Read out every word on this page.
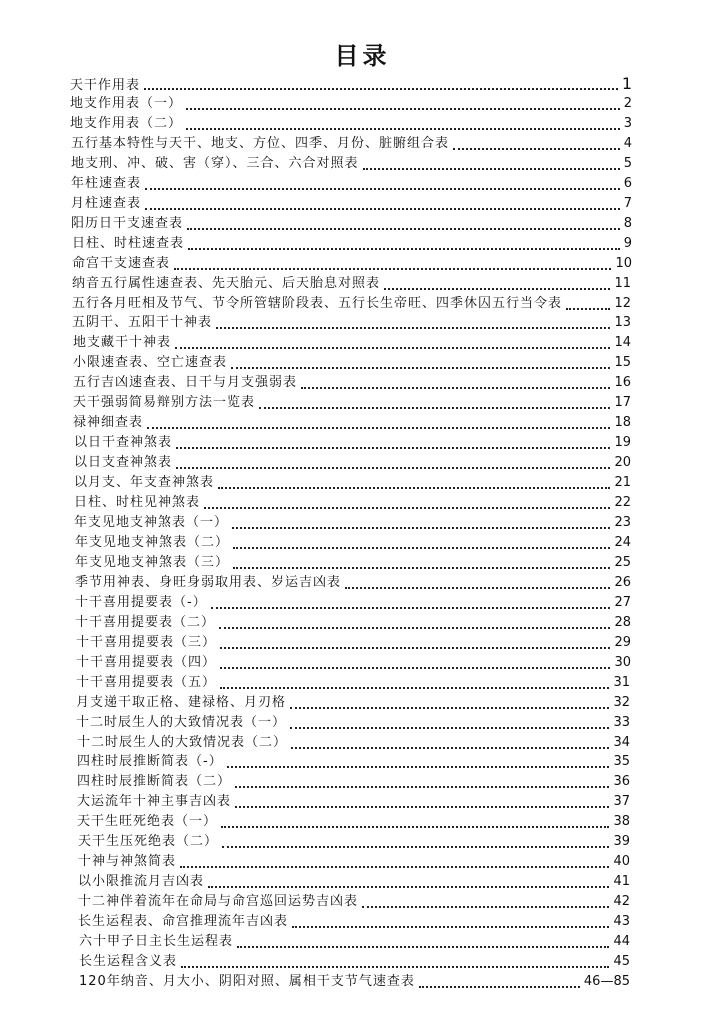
目录
天干作用表	1
地支作用表（一）	2
地支作用表（二）	3
五行基本特性与天干、地支、方位、四季、月份、脏腑组合表	4
地支刑、冲、破、害（穿）、三合、六合对照表	5
年柱速查表	6
月柱速查表	7
阳历日干支速查表	8
日柱、时柱速查表	9
命宫干支速查表	10
纳音五行属性速查表、先天胎元、后天胎息对照表	11
五行各月旺相及节气、节令所管辖阶段表、五行长生帝旺、四季休囚五行当令表	12
五阴干、五阳干十神表	13
地支藏干十神表	14
小限速查表、空亡速查表	15
五行吉凶速查表、日干与月支强弱表	16
天干强弱简易辩别方法一览表	17
禄神细查表	18
以日干查神煞表	19
以日支查神煞表	20
以月支、年支查神煞表	21
日柱、时柱见神煞表	22
年支见地支神煞表（一）	23
年支见地支神煞表（二）	24
年支见地支神煞表（三）	25
季节用神表、身旺身弱取用表、岁运吉凶表	26
十干喜用提要表（-）	27
十干喜用提要表（二）	28
十干喜用提要表（三）	29
十干喜用提要表（四）	30
十干喜用提要表（五）	31
月支递干取正格、建禄格、月刃格	32
十二时辰生人的大致情况表（一）	33
十二时辰生人的大致情况表（二）	34
四柱时辰推断简表（-）	35
四柱时辰推断简表（二）	36
大运流年十神主事吉凶表	37
天干生旺死绝表（一）	38
天干生压死绝表（二）	39
十神与神煞简表	40
以小限推流月吉凶表	41
十二神伴着流年在命局与命宫巡回运势吉凶表	42
长生运程表、命宫推理流年吉凶表	43
六十甲子日主长生运程表	44
长生运程含义表	45
120年纳音、月大小、阴阳对照、属相干支节气速查表	46—85
